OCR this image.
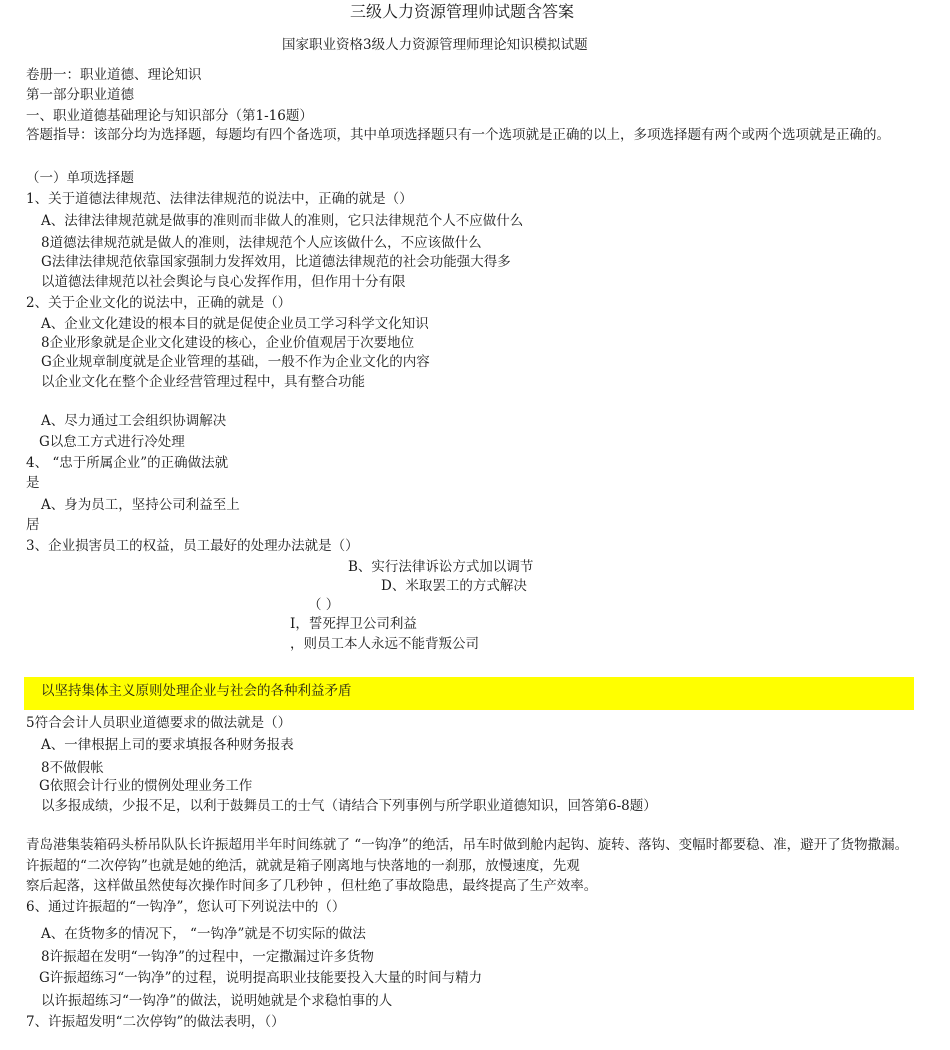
三级人力资源管理帅试题含答案
国家职业资格3级人力资源管理师理论知识模拟试题
卷册一：职业道德、理论知识
第一部分职业道德
一、职业道德基础理论与知识部分（第1-16题）
答题指导：该部分均为选择题，每题均有四个备选项，其中单项选择题只有一个选项就是正确的以上，多项选择题有两个或两个选项就是正确的。
（一）单项选择题
1、关于道德法律规范、法律法律规范的说法中，正确的就是（）
A、法律法律规范就是做事的准则而非做人的准则，它只法律规范个人不应做什么
8道德法律规范就是做人的准则，法律规范个人应该做什么，不应该做什么
G法律法律规范依靠国家强制力发挥效用，比道德法律规范的社会功能强大得多
以道德法律规范以社会舆论与良心发挥作用，但作用十分有限
2、关于企业文化的说法中，正确的就是（）
A、企业文化建设的根本目的就是促使企业员工学习科学文化知识
8企业形象就是企业文化建设的核心，企业价值观居于次要地位
G企业规章制度就是企业管理的基础，一般不作为企业文化的内容
以企业文化在整个企业经营管理过程中，具有整合功能
A、尽力通过工会组织协调解决
G以怠工方式进行冷处理
4、 “忠于所属企业”的正确做法就
是
A、身为员工，坚持公司利益至上
居
3、企业损害员工的权益，员工最好的处理办法就是（）
B、实行法律诉讼方式加以调节
D、米取罢工的方式解决
（ ）
I，誓死捍卫公司利益
，则员工本人永远不能背叛公司
以坚持集体主义原则处理企业与社会的各种利益矛盾
5符合会计人员职业道德要求的做法就是（）
A、一律根据上司的要求填报各种财务报表
8不做假帐
G依照会计行业的惯例处理业务工作
以多报成绩，少报不足，以利于鼓舞员工的士气（请结合下列事例与所学职业道德知识，回答第6-8题）
青岛港集装箱码头桥吊队队长许振超用半年时间练就了 “一钩净”的绝活，吊车时做到舱内起钩、旋转、落钩、变幅时都要稳、准，避开了货物撒漏。许振超的“二次停钩”也就是她的绝活，就就是箱子刚离地与快落地的一刹那，放慢速度，先观
察后起落，这样做虽然使每次操作时间多了几秒钟 ，但杜绝了事故隐患，最终提高了生产效率。
6、通过许振超的“一钩净”，您认可下列说法中的（）
A、在货物多的情况下， “一钩净”就是不切实际的做法
8许振超在发明“一钩净”的过程中，一定撒漏过许多货物
G许振超练习“一钩净”的过程，说明提高职业技能要投入大量的时间与精力
以许振超练习“一钩净”的做法，说明她就是个求稳怕事的人
7、许振超发明“二次停钩”的做法表明，（）
